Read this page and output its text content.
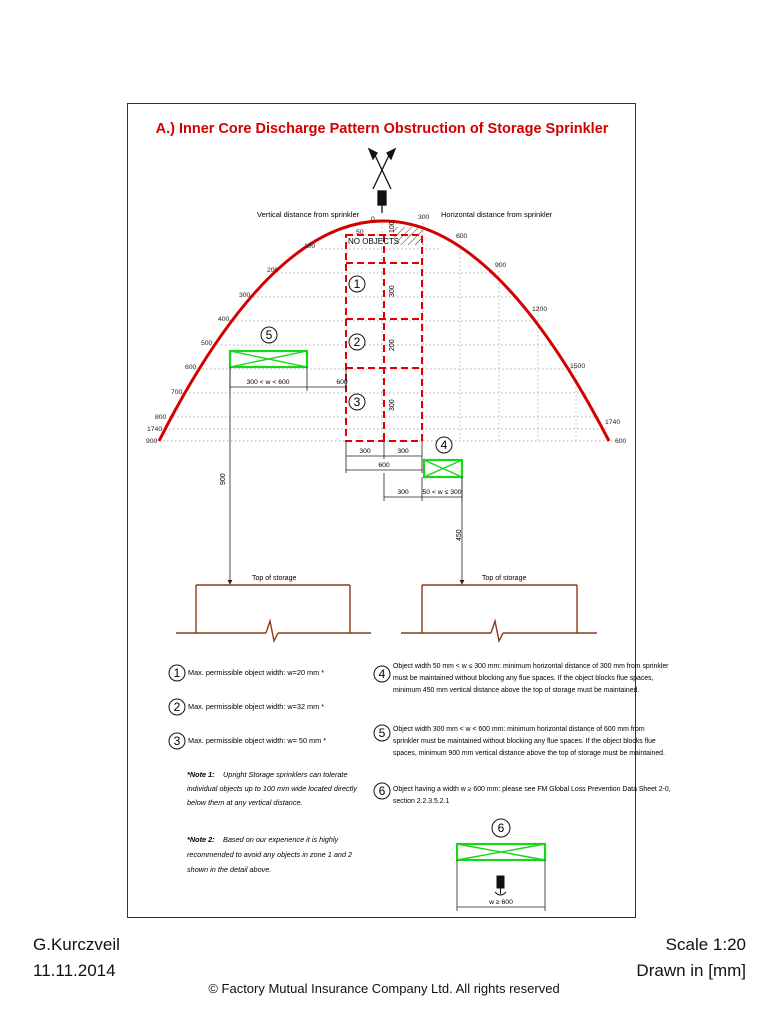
A.) Inner Core Discharge Pattern Obstruction of Storage Sprinkler
NO OBJECTS
0
50
100
200
300
400
500
600
700
800
1740
900
300
600
900
1200
1500
1740
600
Vertical distance from sprinkler	Horizontal distance from sprinkler
100
300
200
300
1
2
3
300	300
600
4
300 50 < w ≤ 300
450
5
300 < w < 600	600
900
Top of storage	Top of storage
1 Max. permissible object width: w=20 mm *
2 Max. permissible object width: w=32 mm *
3 Max. permissible object width: w= 50 mm *
*Note 1: Upright Storage sprinklers can tolerate
individual objects up to 100 mm wide located directly
below them at any vertical distance.
*Note 2: Based on our experience it is highly
recommended to avoid any objects in zone 1 and 2
shown in the detail above.
4
Object width 50 mm < w ≤ 300 mm: minimum horizontal distance of 300 mm from sprinkler
must be maintained without blocking any flue spaces. If the object blocks flue spaces,
minimum 450 mm vertical distance above the top of storage must be maintained.
5 Object width 300 mm < w < 600 mm: minimum horizontal distance of 600 mm from
sprinkler must be maintained without blocking any flue spaces. If the object blocks flue
spaces, minimum 900 mm vertical distance above the top of storage must be maintained.
6 Object having a width w ≥ 600 mm: please see FM Global Loss Prevention Data Sheet 2-0,
section 2.2.3.5.2.1
6
w ≥ 600
G.Kurczveil
11.11.2014
Scale 1:20
Drawn in [mm]
© Factory Mutual Insurance Company Ltd. All rights reserved
